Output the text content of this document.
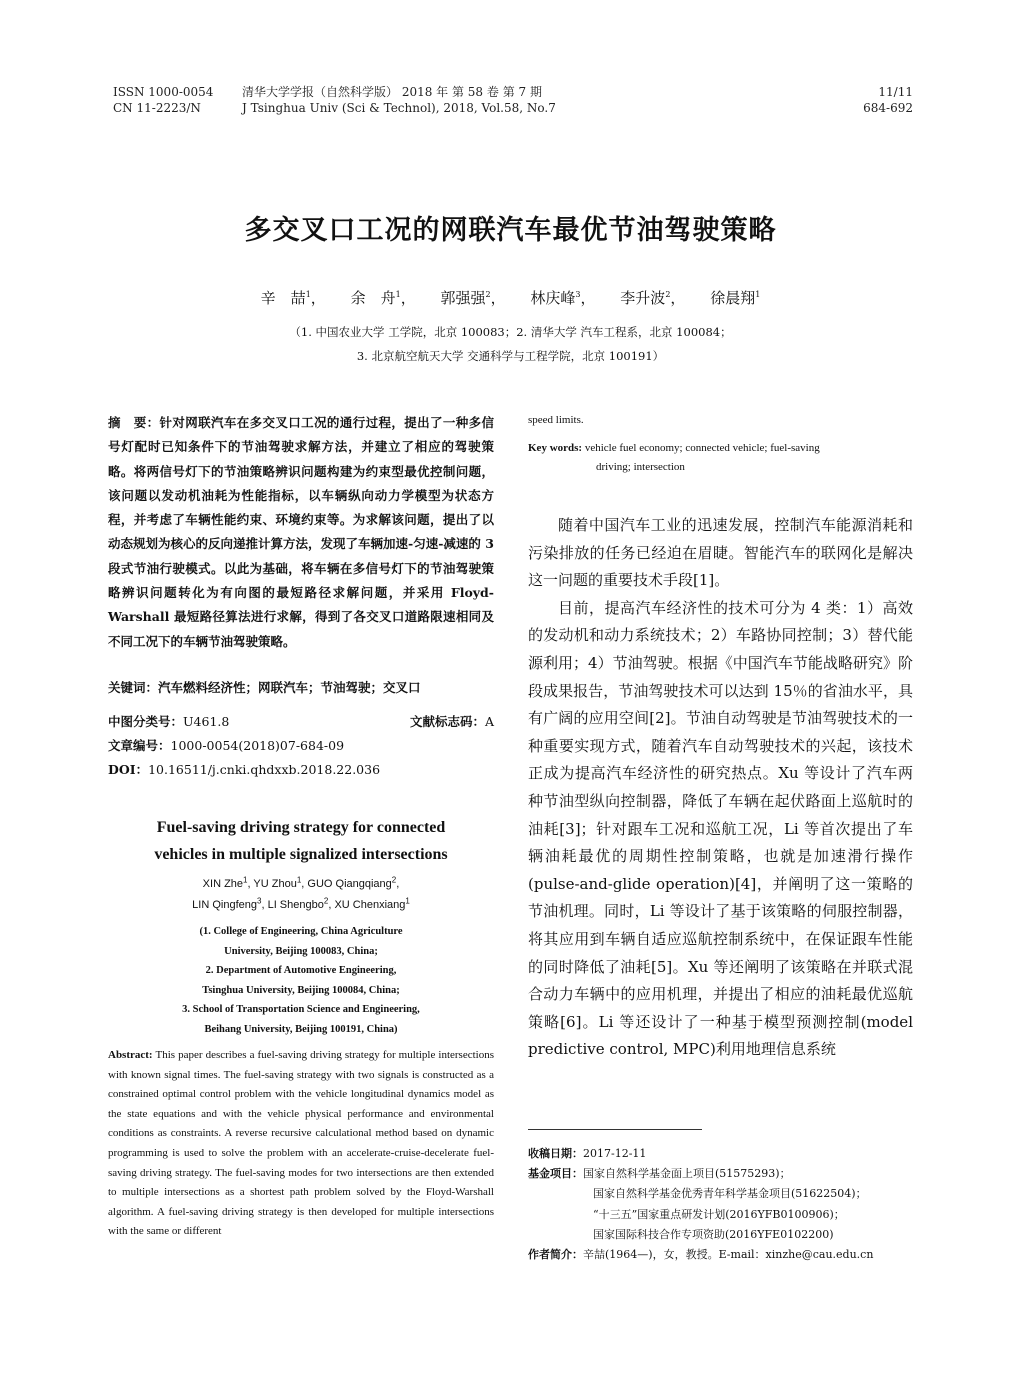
ISSN 1000-0054
CN 11-2223/N
清华大学学报（自然科学版） 2018 年 第 58 卷 第 7 期
J Tsinghua Univ (Sci & Technol), 2018, Vol.58, No.7
11/11
684-692
多交叉口工况的网联汽车最优节油驾驶策略
辛　喆$^1$， 余　舟$^1$， 郭强强$^2$， 林庆峰$^3$， 李升波$^2$， 徐晨翔$^1$
（1. 中国农业大学 工学院，北京 100083；2. 清华大学 汽车工程系，北京 100084；
3. 北京航空航天大学 交通科学与工程学院，北京 100191）
摘　要：针对网联汽车在多交叉口工况的通行过程，提出了一种多信号灯配时已知条件下的节油驾驶求解方法，并建立了相应的驾驶策略。将两信号灯下的节油策略辨识问题构建为约束型最优控制问题，该问题以发动机油耗为性能指标，以车辆纵向动力学模型为状态方程，并考虑了车辆性能约束、环境约束等。为求解该问题，提出了以动态规划为核心的反向递推计算方法，发现了车辆加速-匀速-减速的 3 段式节油行驶模式。以此为基础，将车辆在多信号灯下的节油驾驶策略辨识问题转化为有向图的最短路径求解问题，并采用 Floyd-Warshall 最短路径算法进行求解，得到了各交叉口道路限速相同及不同工况下的车辆节油驾驶策略。
关键词：汽车燃料经济性；网联汽车；节油驾驶；交叉口
中图分类号：U461.8	文献标志码：A
文章编号：1000-0054(2018)07-684-09
DOI：10.16511/j.cnki.qhdxxb.2018.22.036
Fuel-saving driving strategy for connected
vehicles in multiple signalized intersections
XIN Zhe$^1$, YU Zhou$^1$, GUO Qiangqiang$^2$,
LIN Qingfeng$^3$, LI Shengbo$^2$, XU Chenxiang$^1$
(1. College of Engineering, China Agriculture
University, Beijing 100083, China;
2. Department of Automotive Engineering,
Tsinghua University, Beijing 100084, China;
3. School of Transportation Science and Engineering,
Beihang University, Beijing 100191, China)
Abstract: This paper describes a fuel-saving driving strategy for multiple intersections with known signal times. The fuel-saving strategy with two signals is constructed as a constrained optimal control problem with the vehicle longitudinal dynamics model as the state equations and with the vehicle physical performance and environmental conditions as constraints. A reverse recursive calculational method based on dynamic programming is used to solve the problem with an accelerate-cruise-decelerate fuel-saving driving strategy. The fuel-saving modes for two intersections are then extended to multiple intersections as a shortest path problem solved by the Floyd-Warshall algorithm. A fuel-saving driving strategy is then developed for multiple intersections with the same or different
speed limits.
Key words: vehicle fuel economy; connected vehicle; fuel-saving
driving; intersection

随着中国汽车工业的迅速发展，控制汽车能源消耗和污染排放的任务已经迫在眉睫。智能汽车的联网化是解决这一问题的重要技术手段[1]。

目前，提高汽车经济性的技术可分为 4 类：1）高效的发动机和动力系统技术；2）车路协同控制；3）替代能源利用；4）节油驾驶。根据《中国汽车节能战略研究》阶段成果报告，节油驾驶技术可以达到 15％的省油水平，具有广阔的应用空间[2]。节油自动驾驶是节油驾驶技术的一种重要实现方式，随着汽车自动驾驶技术的兴起，该技术正成为提高汽车经济性的研究热点。Xu 等设计了汽车两种节油型纵向控制器，降低了车辆在起伏路面上巡航时的油耗[3]；针对跟车工况和巡航工况，Li 等首次提出了车辆油耗最优的周期性控制策略，也就是加速滑行操作(pulse-and-glide operation)[4]，并阐明了这一策略的节油机理。同时，Li 等设计了基于该策略的伺服控制器，将其应用到车辆自适应巡航控制系统中，在保证跟车性能的同时降低了油耗[5]。Xu 等还阐明了该策略在并联式混合动力车辆中的应用机理，并提出了相应的油耗最优巡航策略[6]。Li 等还设计了一种基于模型预测控制(model predictive control, MPC)利用地理信息系统

收稿日期：2017-12-11
基金项目：国家自然科学基金面上项目(51575293)；
国家自然科学基金优秀青年科学基金项目(51622504)；
“十三五”国家重点研发计划(2016YFB0100906)；
国家国际科技合作专项资助(2016YFE0102200)
作者简介：辛喆(1964—)，女，教授。E-mail：xinzhe@cau.edu.cn
